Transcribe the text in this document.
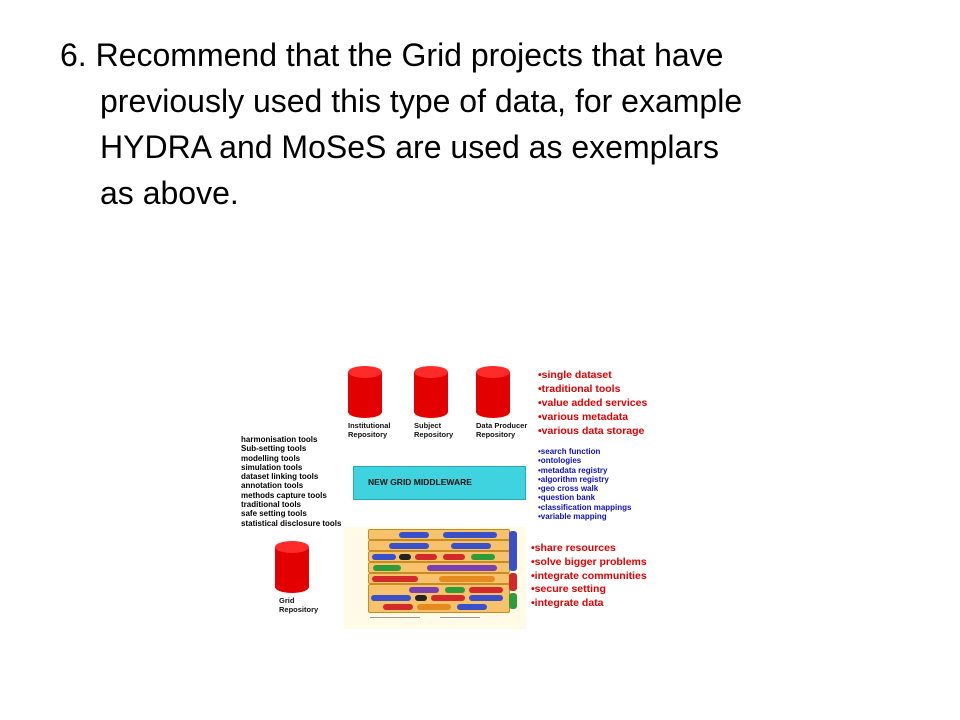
6. Recommend that the Grid projects that have
previously used this type of data, for example
HYDRA and MoSeS are used as exemplars
as above.
Institutional
Repository
Subject
Repository
Data Producer
Repository
Grid
Repository
harmonisation tools
Sub-setting tools
modelling tools
simulation tools
dataset linking tools
annotation tools
methods capture tools
traditional tools
safe setting tools
statistical disclosure tools
NEW GRID MIDDLEWARE
•single dataset
•traditional tools
•value added services
•various metadata
•various data storage
•search function
•ontologies
•metadata registry
•algorithm registry
•geo cross walk
•question bank
•classification mappings
•variable mapping
•share resources
•solve bigger problems
•integrate communities
•secure setting
•integrate data
